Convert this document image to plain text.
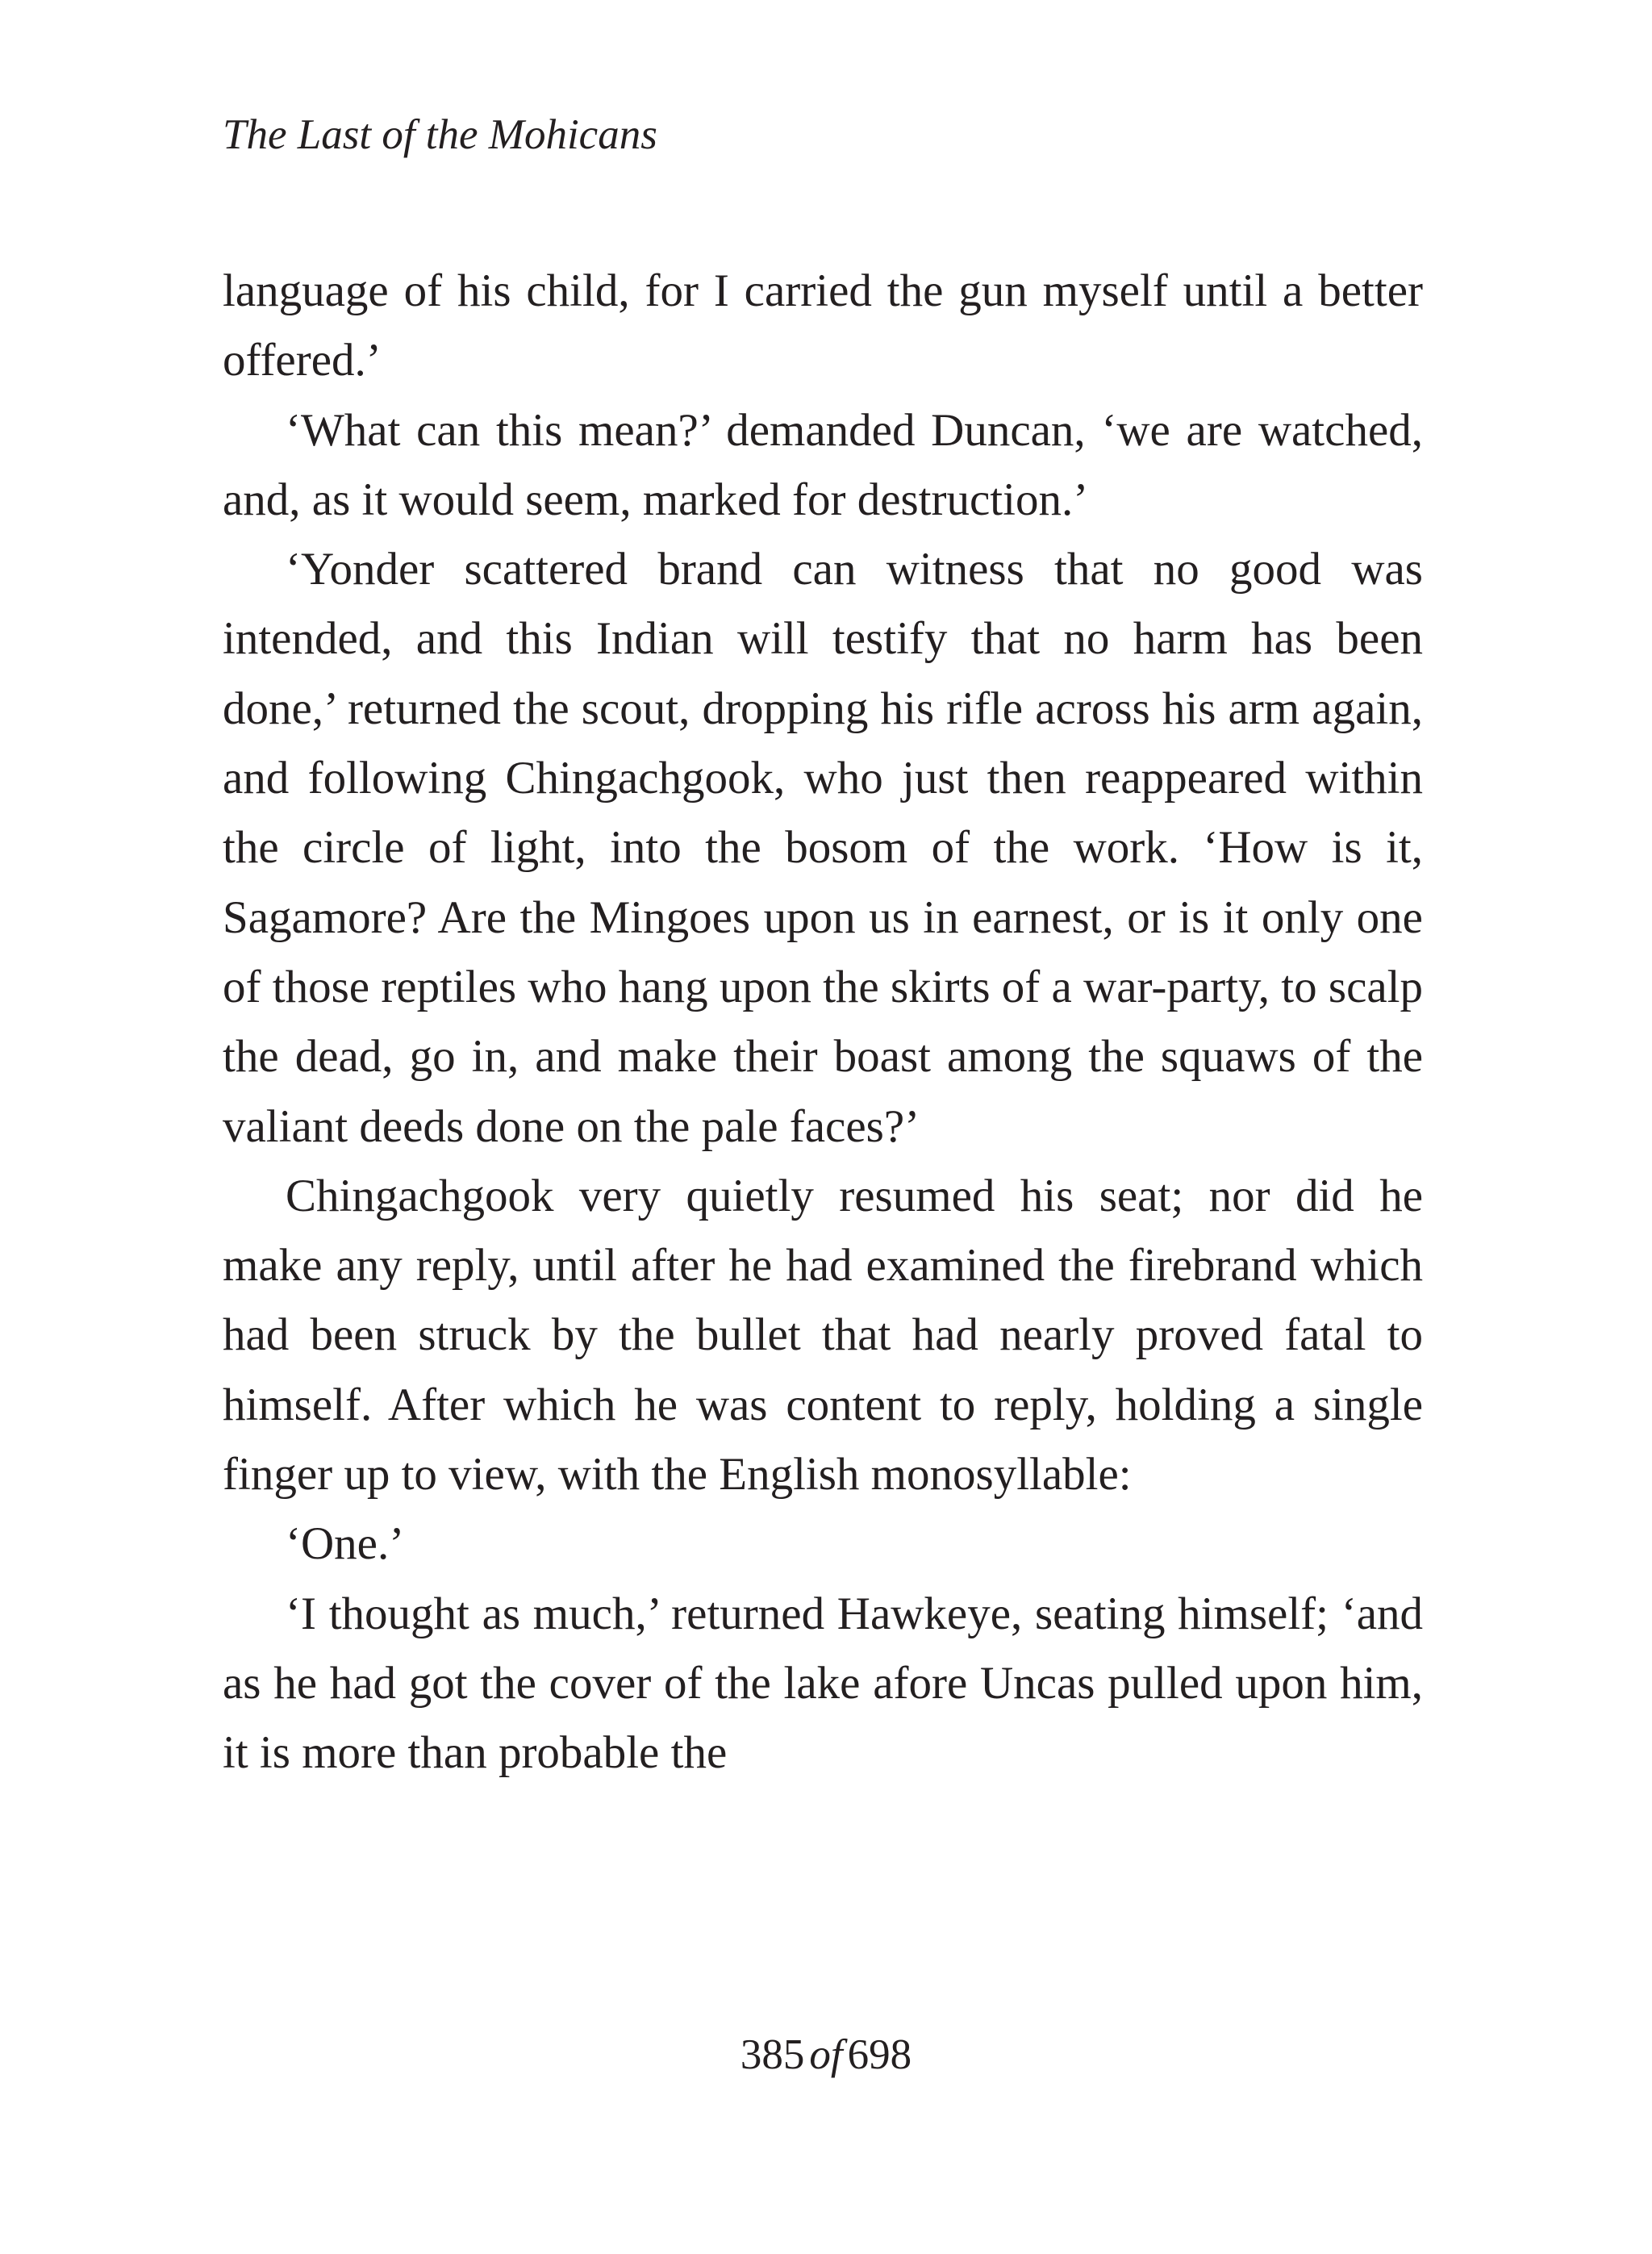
The Last of the Mohicans

language of his child, for I carried the gun myself until a better offered.’

‘What can this mean?’ demanded Duncan, ‘we are watched, and, as it would seem, marked for destruction.’

‘Yonder scattered brand can witness that no good was intended, and this Indian will testify that no harm has been done,’ returned the scout, dropping his rifle across his arm again, and following Chingachgook, who just then reappeared within the circle of light, into the bosom of the work. ‘How is it, Sagamore? Are the Mingoes upon us in earnest, or is it only one of those reptiles who hang upon the skirts of a war-party, to scalp the dead, go in, and make their boast among the squaws of the valiant deeds done on the pale faces?’

Chingachgook very quietly resumed his seat; nor did he make any reply, until after he had examined the firebrand which had been struck by the bullet that had nearly proved fatal to himself. After which he was content to reply, holding a single finger up to view, with the English monosyllable:

‘One.’

‘I thought as much,’ returned Hawkeye, seating himself; ‘and as he had got the cover of the lake afore Uncas pulled upon him, it is more than probable the

385 of 698
